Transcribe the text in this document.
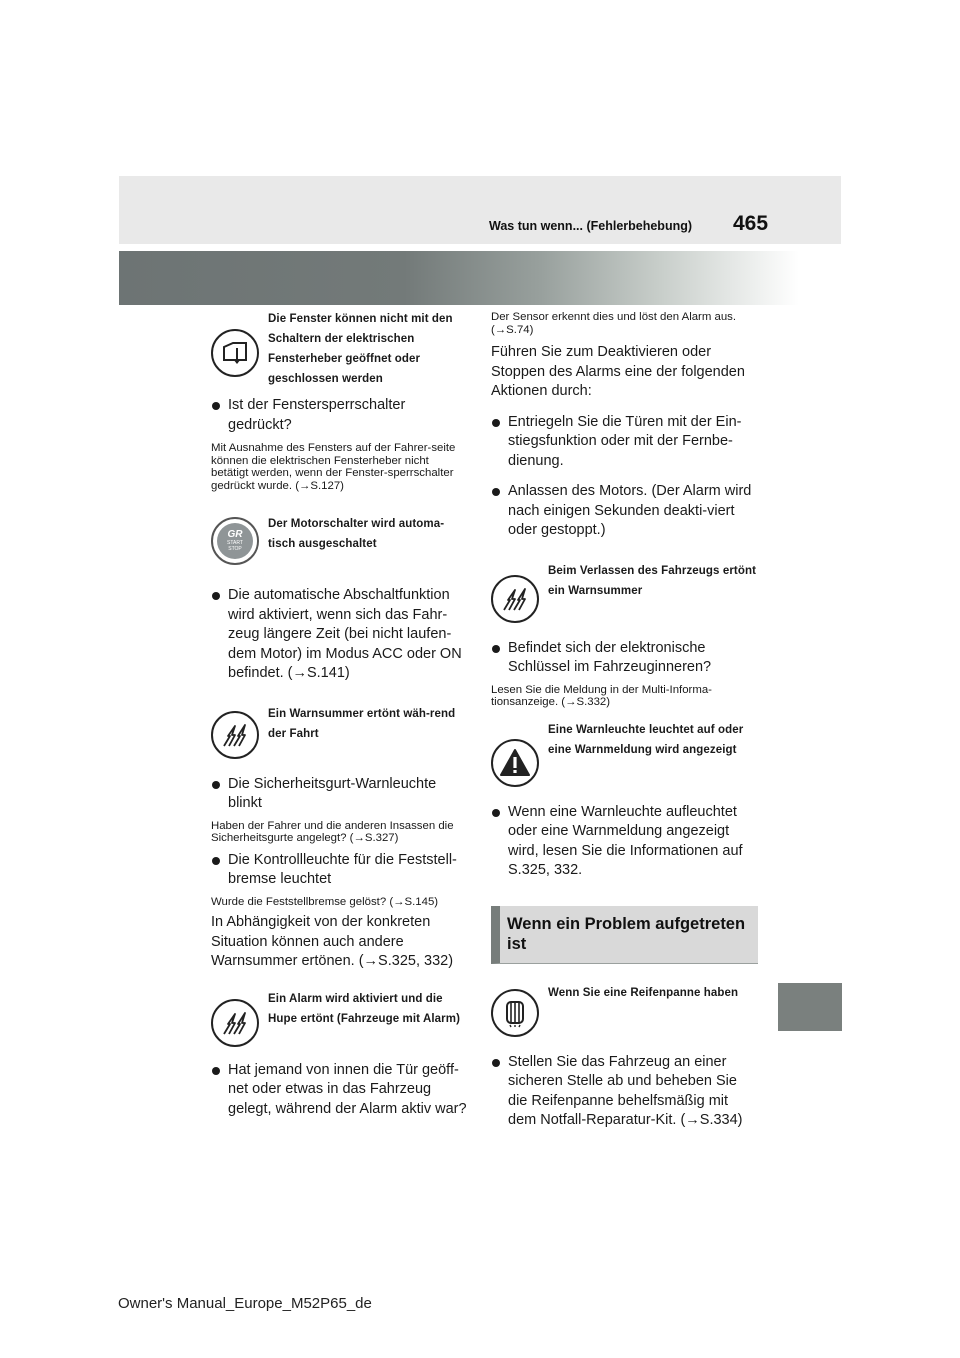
Was tun wenn... (Fehlerbehebung) 465
Die Fenster können nicht mit den Schaltern der elektrischen Fensterheber geöffnet oder geschlossen werden
Ist der Fenstersperrschalter gedrückt?
Mit Ausnahme des Fensters auf der Fahrer-seite können die elektrischen Fensterheber nicht betätigt werden, wenn der Fenster-sperrschalter gedrückt wurde. (→S.127)
GR
START
STOP
Der Motorschalter wird automa-tisch ausgeschaltet
Die automatische Abschaltfunktion wird aktiviert, wenn sich das Fahr-zeug längere Zeit (bei nicht laufen-dem Motor) im Modus ACC oder ON befindet. (→S.141)
Ein Warnsummer ertönt wäh-rend der Fahrt
Die Sicherheitsgurt-Warnleuchte blinkt
Haben der Fahrer und die anderen Insassen die Sicherheitsgurte angelegt? (→S.327)
Die Kontrollleuchte für die Feststell-bremse leuchtet
Wurde die Feststellbremse gelöst? (→S.145)
In Abhängigkeit von der konkreten Situation können auch andere Warnsummer ertönen. (→S.325, 332)
Ein Alarm wird aktiviert und die Hupe ertönt (Fahrzeuge mit Alarm)
Hat jemand von innen die Tür geöff-net oder etwas in das Fahrzeug gelegt, während der Alarm aktiv war?
Der Sensor erkennt dies und löst den Alarm aus. (→S.74)
Führen Sie zum Deaktivieren oder Stoppen des Alarms eine der folgenden Aktionen durch:
Entriegeln Sie die Türen mit der Ein-stiegsfunktion oder mit der Fernbe-dienung.
Anlassen des Motors. (Der Alarm wird nach einigen Sekunden deakti-viert oder gestoppt.)
Beim Verlassen des Fahrzeugs ertönt ein Warnsummer
Befindet sich der elektronische Schlüssel im Fahrzeuginneren?
Lesen Sie die Meldung in der Multi-Informa-tionsanzeige. (→S.332)
Eine Warnleuchte leuchtet auf oder eine Warnmeldung wird angezeigt
Wenn eine Warnleuchte aufleuchtet oder eine Warnmeldung angezeigt wird, lesen Sie die Informationen auf S.325, 332.
Wenn ein Problem aufgetreten ist
Wenn Sie eine Reifenpanne haben
Stellen Sie das Fahrzeug an einer sicheren Stelle ab und beheben Sie die Reifenpanne behelfsmäßig mit dem Notfall-Reparatur-Kit. (→S.334)
Owner's Manual_Europe_M52P65_de
